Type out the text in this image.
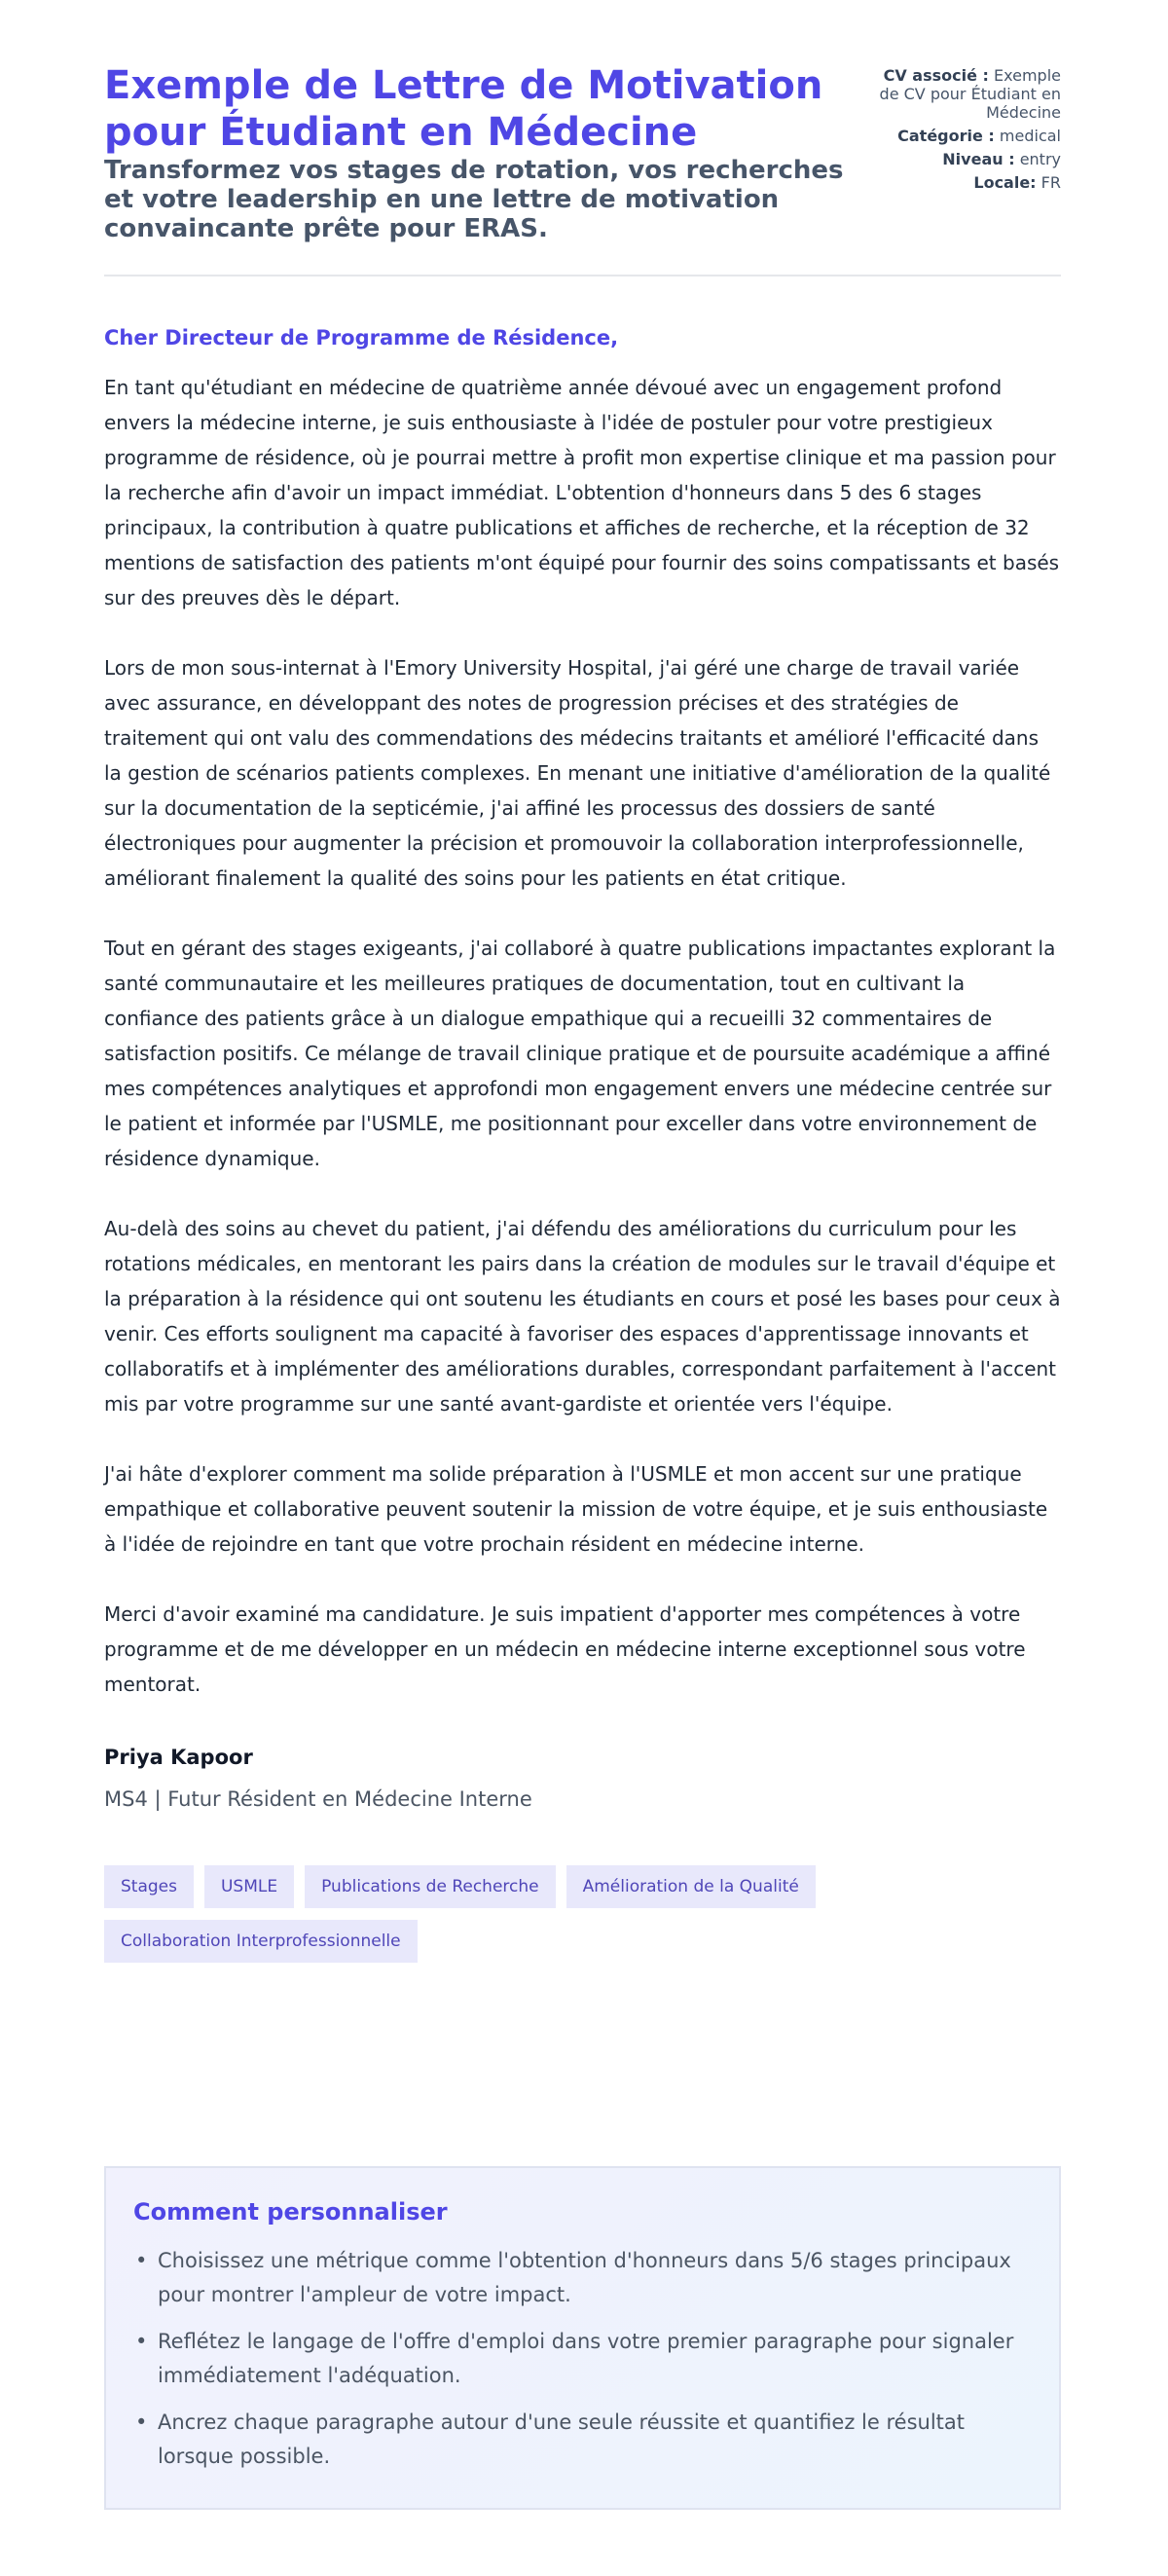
Exemple de Lettre de Motivation pour Étudiant en Médecine
Transformez vos stages de rotation, vos recherches et votre leadership en une lettre de motivation convaincante prête pour ERAS.
CV associé : Exemple de CV pour Étudiant en Médecine
Catégorie : medical
Niveau : entry
Locale: FR

Cher Directeur de Programme de Résidence,

En tant qu'étudiant en médecine de quatrième année dévoué avec un engagement profond envers la médecine interne, je suis enthousiaste à l'idée de postuler pour votre prestigieux programme de résidence, où je pourrai mettre à profit mon expertise clinique et ma passion pour la recherche afin d'avoir un impact immédiat. L'obtention d'honneurs dans 5 des 6 stages principaux, la contribution à quatre publications et affiches de recherche, et la réception de 32 mentions de satisfaction des patients m'ont équipé pour fournir des soins compatissants et basés sur des preuves dès le départ.

Lors de mon sous-internat à l'Emory University Hospital, j'ai géré une charge de travail variée avec assurance, en développant des notes de progression précises et des stratégies de traitement qui ont valu des commendations des médecins traitants et amélioré l'efficacité dans la gestion de scénarios patients complexes. En menant une initiative d'amélioration de la qualité sur la documentation de la septicémie, j'ai affiné les processus des dossiers de santé électroniques pour augmenter la précision et promouvoir la collaboration interprofessionnelle, améliorant finalement la qualité des soins pour les patients en état critique.

Tout en gérant des stages exigeants, j'ai collaboré à quatre publications impactantes explorant la santé communautaire et les meilleures pratiques de documentation, tout en cultivant la confiance des patients grâce à un dialogue empathique qui a recueilli 32 commentaires de satisfaction positifs. Ce mélange de travail clinique pratique et de poursuite académique a affiné mes compétences analytiques et approfondi mon engagement envers une médecine centrée sur le patient et informée par l'USMLE, me positionnant pour exceller dans votre environnement de résidence dynamique.

Au-delà des soins au chevet du patient, j'ai défendu des améliorations du curriculum pour les rotations médicales, en mentorant les pairs dans la création de modules sur le travail d'équipe et la préparation à la résidence qui ont soutenu les étudiants en cours et posé les bases pour ceux à venir. Ces efforts soulignent ma capacité à favoriser des espaces d'apprentissage innovants et collaboratifs et à implémenter des améliorations durables, correspondant parfaitement à l'accent mis par votre programme sur une santé avant-gardiste et orientée vers l'équipe.

J'ai hâte d'explorer comment ma solide préparation à l'USMLE et mon accent sur une pratique empathique et collaborative peuvent soutenir la mission de votre équipe, et je suis enthousiaste à l'idée de rejoindre en tant que votre prochain résident en médecine interne.

Merci d'avoir examiné ma candidature. Je suis impatient d'apporter mes compétences à votre programme et de me développer en un médecin en médecine interne exceptionnel sous votre mentorat.

Priya Kapoor
MS4 | Futur Résident en Médecine Interne
Stages	USMLE	Publications de Recherche	Amélioration de la Qualité
Collaboration Interprofessionnelle
Comment personnaliser
• Choisissez une métrique comme l'obtention d'honneurs dans 5/6 stages principaux pour montrer l'ampleur de votre impact.
• Reflétez le langage de l'offre d'emploi dans votre premier paragraphe pour signaler immédiatement l'adéquation.
• Ancrez chaque paragraphe autour d'une seule réussite et quantifiez le résultat lorsque possible.
